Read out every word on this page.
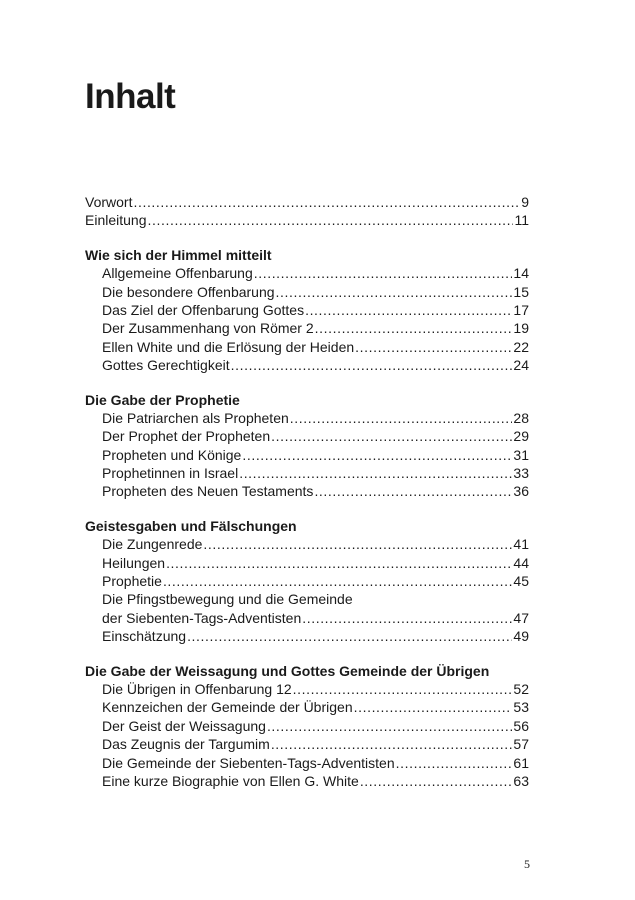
Inhalt
Vorwort .....	9
Einleitung .....	11
Wie sich der Himmel mitteilt
Allgemeine Offenbarung .....	14
Die besondere Offenbarung .....	15
Das Ziel der Offenbarung Gottes .....	17
Der Zusammenhang von Römer 2 .....	19
Ellen White und die Erlösung der Heiden .....	22
Gottes Gerechtigkeit .....	24
Die Gabe der Prophetie
Die Patriarchen als Propheten .....	28
Der Prophet der Propheten .....	29
Propheten und Könige .....	31
Prophetinnen in Israel .....	33
Propheten des Neuen Testaments .....	36
Geistesgaben und Fälschungen
Die Zungenrede .....	41
Heilungen .....	44
Prophetie .....	45
Die Pfingstbewegung und die Gemeinde
der Siebenten-Tags-Adventisten .....	47
Einschätzung .....	49
Die Gabe der Weissagung und Gottes Gemeinde der Übrigen
Die Übrigen in Offenbarung 12 .....	52
Kennzeichen der Gemeinde der Übrigen .....	53
Der Geist der Weissagung .....	56
Das Zeugnis der Targumim .....	57
Die Gemeinde der Siebenten-Tags-Adventisten .....	61
Eine kurze Biographie von Ellen G. White .....	63
5
